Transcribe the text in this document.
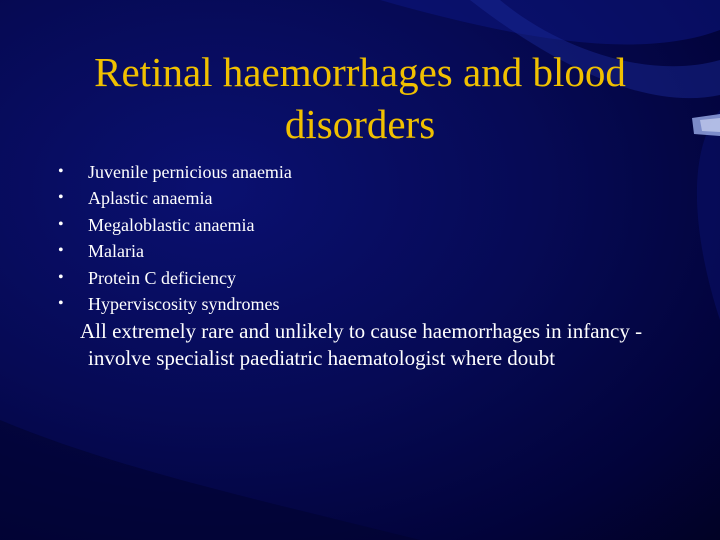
Retinal haemorrhages and blood disorders
• Juvenile pernicious anaemia
• Aplastic anaemia
• Megaloblastic anaemia
• Malaria
• Protein C deficiency
• Hyperviscosity syndromes

All extremely rare and unlikely to cause haemorrhages in infancy - involve specialist paediatric haematologist where doubt
